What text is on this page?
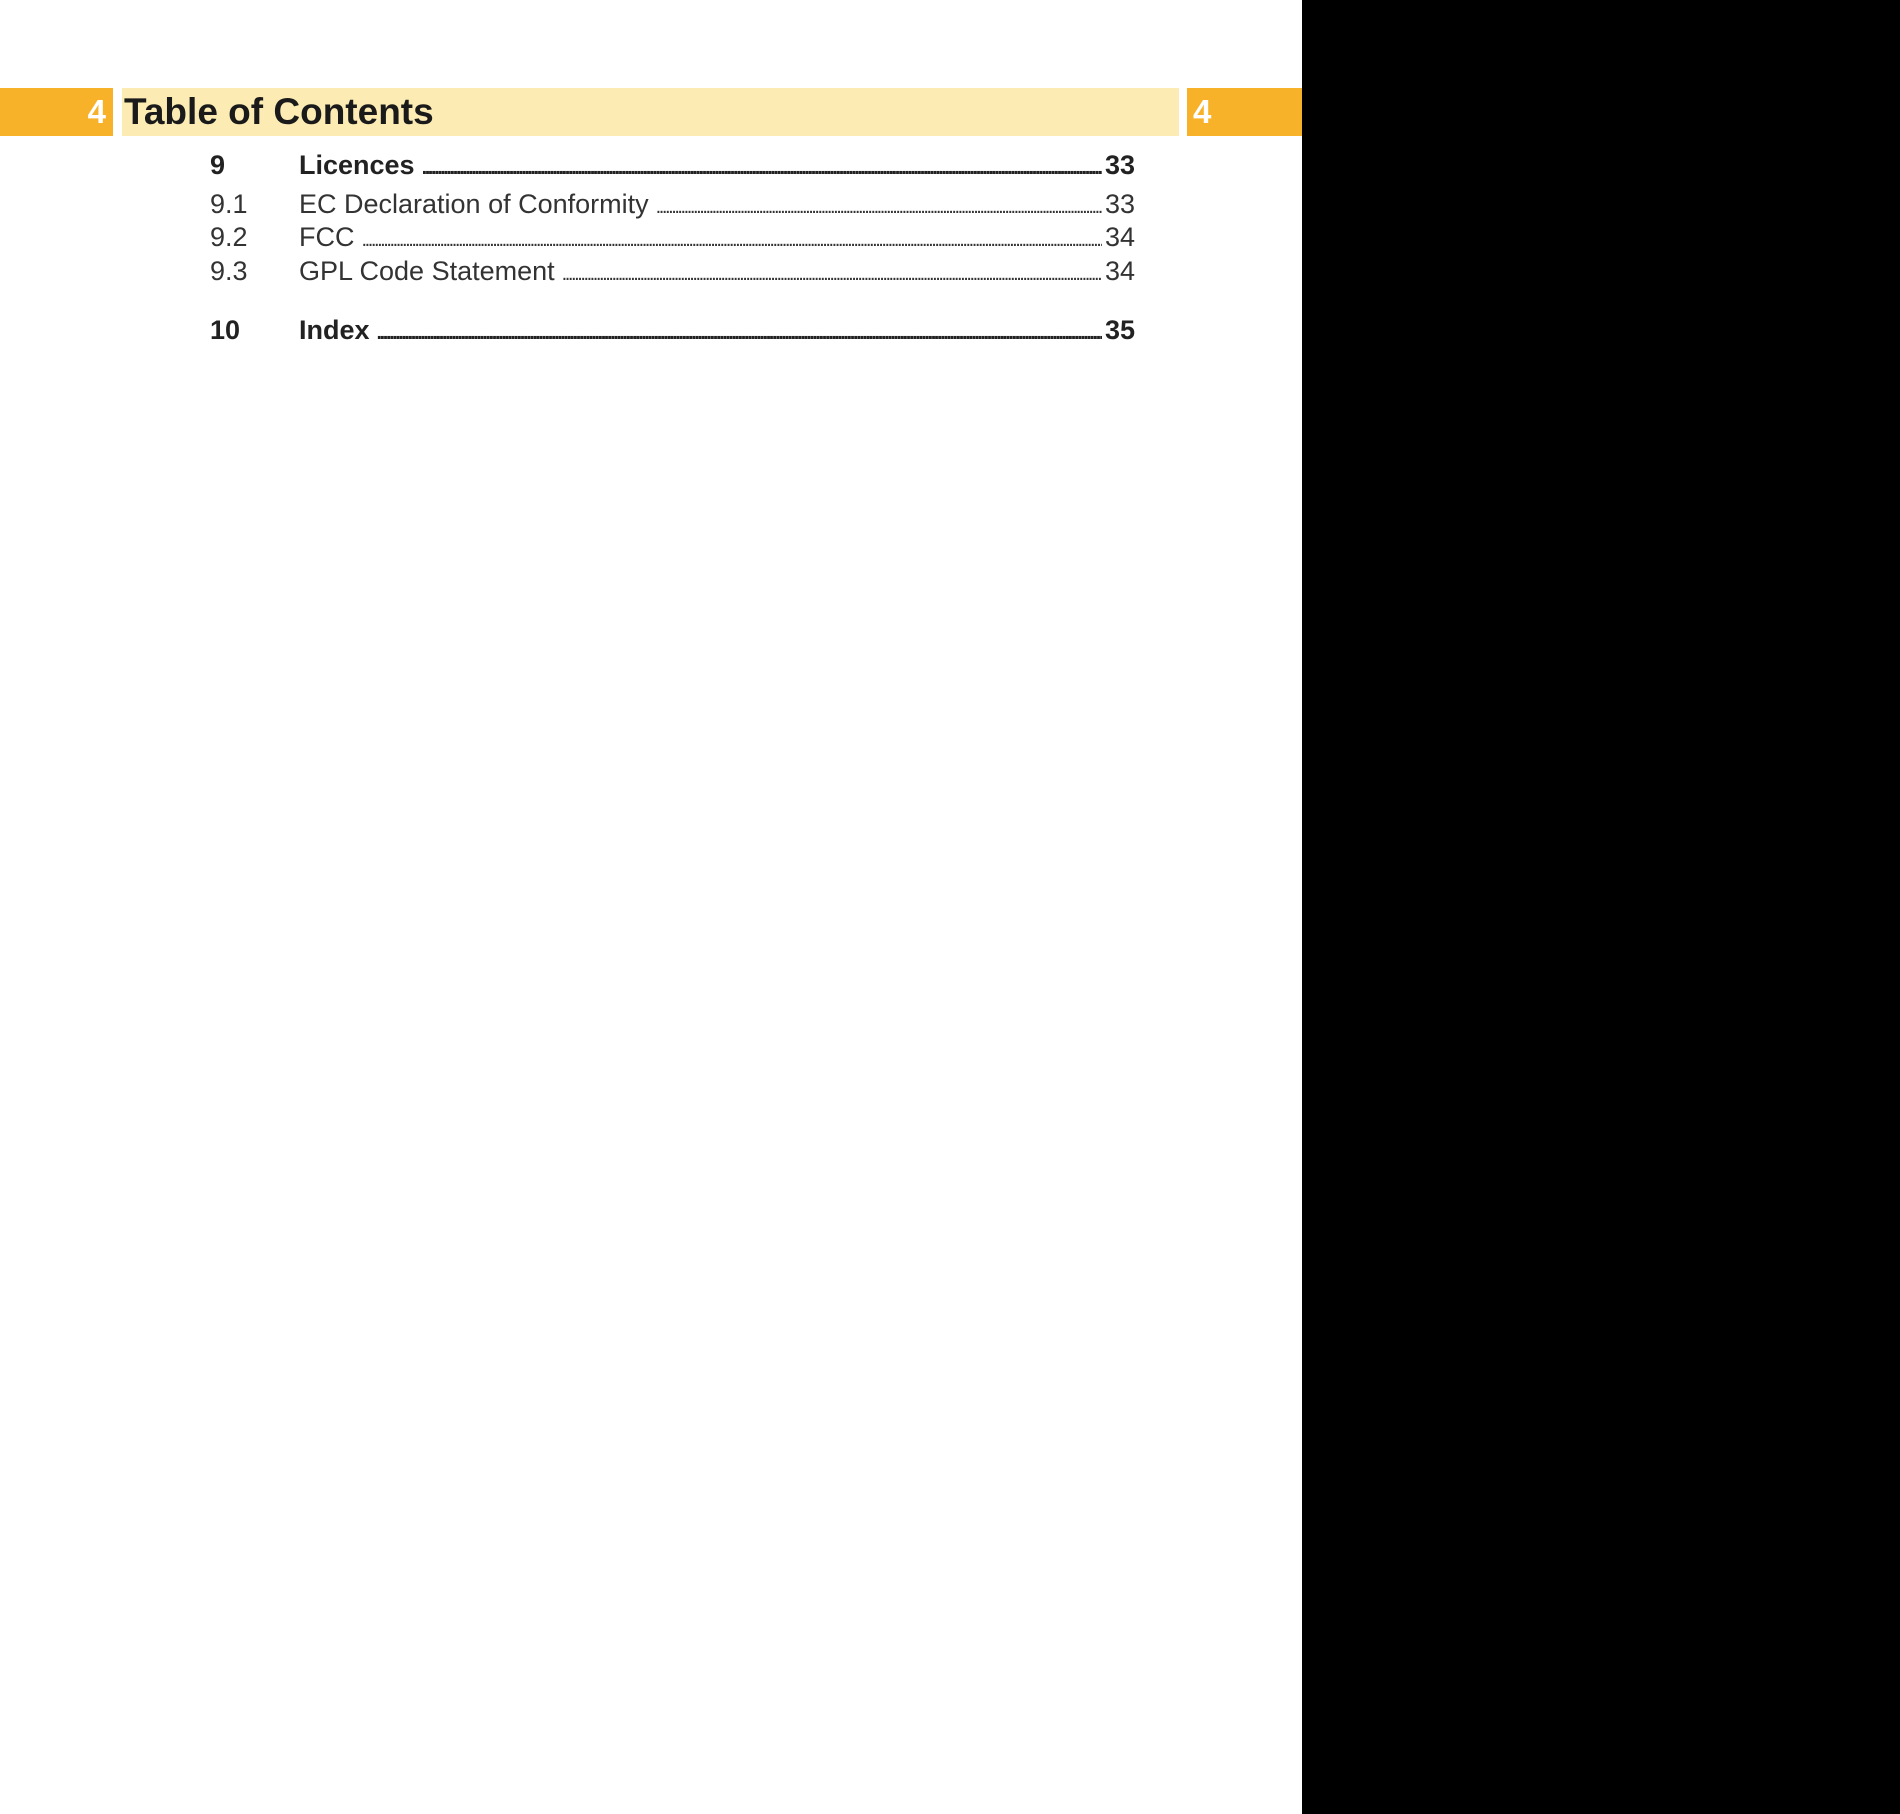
4 Table of Contents	4
9	Licences . . .	33
9.1	EC Declaration of Conformity . . .	33
9.2	FCC . . .	34
9.3	GPL Code Statement . . .	34
10	Index . . .	35
